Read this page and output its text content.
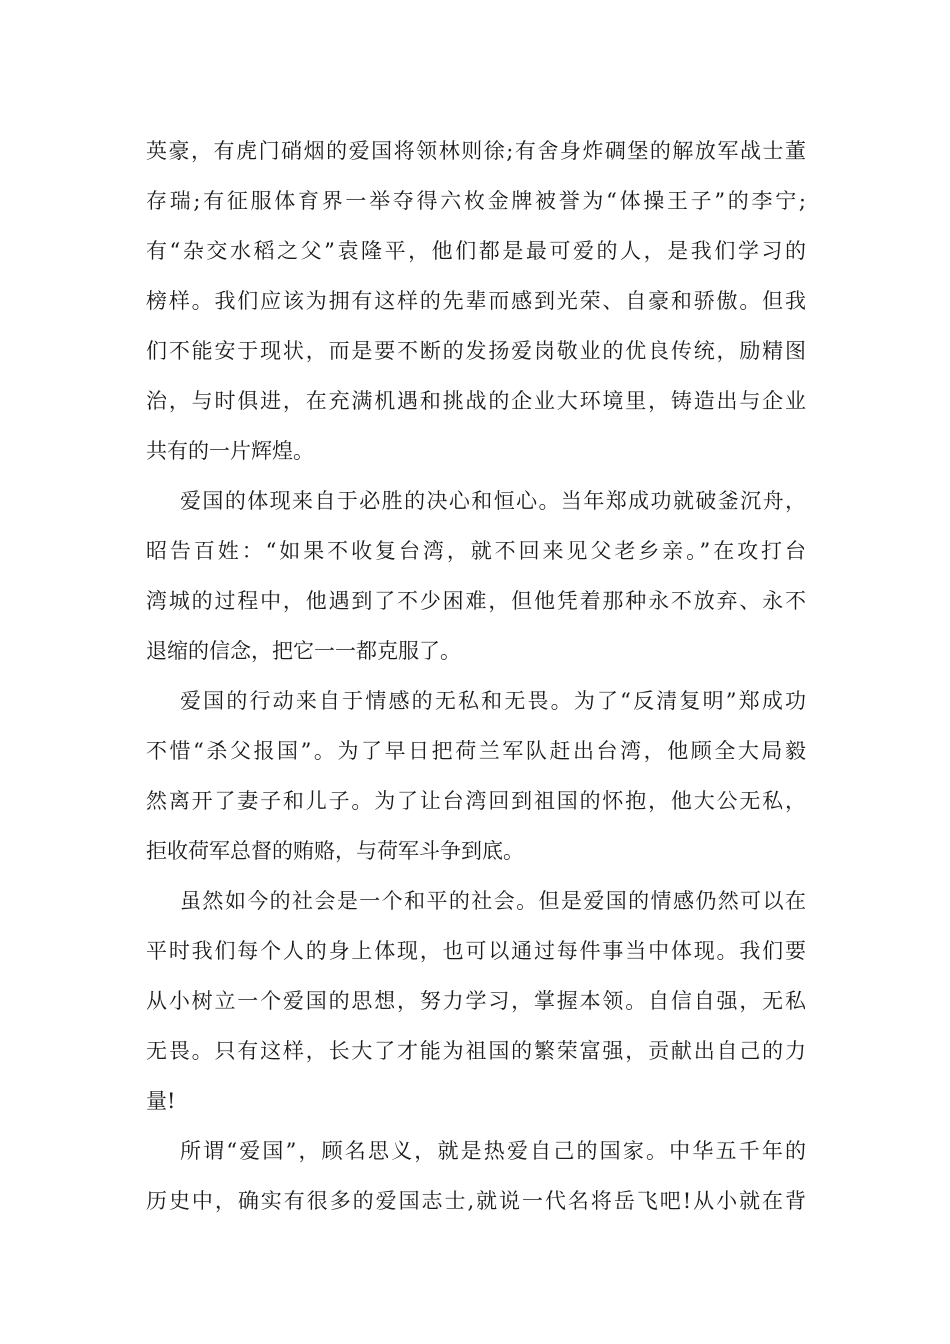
英豪，有虎门硝烟的爱国将领林则徐;有舍身炸碉堡的解放军战士董
存瑞;有征服体育界一举夺得六枚金牌被誉为“体操王子”的李宁;
有“杂交水稻之父”袁隆平，他们都是最可爱的人，是我们学习的
榜样。我们应该为拥有这样的先辈而感到光荣、自豪和骄傲。但我
们不能安于现状，而是要不断的发扬爱岗敬业的优良传统，励精图
治，与时俱进，在充满机遇和挑战的企业大环境里，铸造出与企业
共有的一片辉煌。
爱国的体现来自于必胜的决心和恒心。当年郑成功就破釜沉舟，
昭告百姓：“如果不收复台湾，就不回来见父老乡亲。”在攻打台
湾城的过程中，他遇到了不少困难，但他凭着那种永不放弃、永不
退缩的信念，把它一一都克服了。
爱国的行动来自于情感的无私和无畏。为了“反清复明”郑成功
不惜“杀父报国”。为了早日把荷兰军队赶出台湾，他顾全大局毅
然离开了妻子和儿子。为了让台湾回到祖国的怀抱，他大公无私，
拒收荷军总督的贿赂，与荷军斗争到底。
虽然如今的社会是一个和平的社会。但是爱国的情感仍然可以在
平时我们每个人的身上体现，也可以通过每件事当中体现。我们要
从小树立一个爱国的思想，努力学习，掌握本领。自信自强，无私
无畏。只有这样，长大了才能为祖国的繁荣富强，贡献出自己的力
量!
所谓“爱国”，顾名思义，就是热爱自己的国家。中华五千年的
历史中，确实有很多的爱国志士,就说一代名将岳飞吧!从小就在背
